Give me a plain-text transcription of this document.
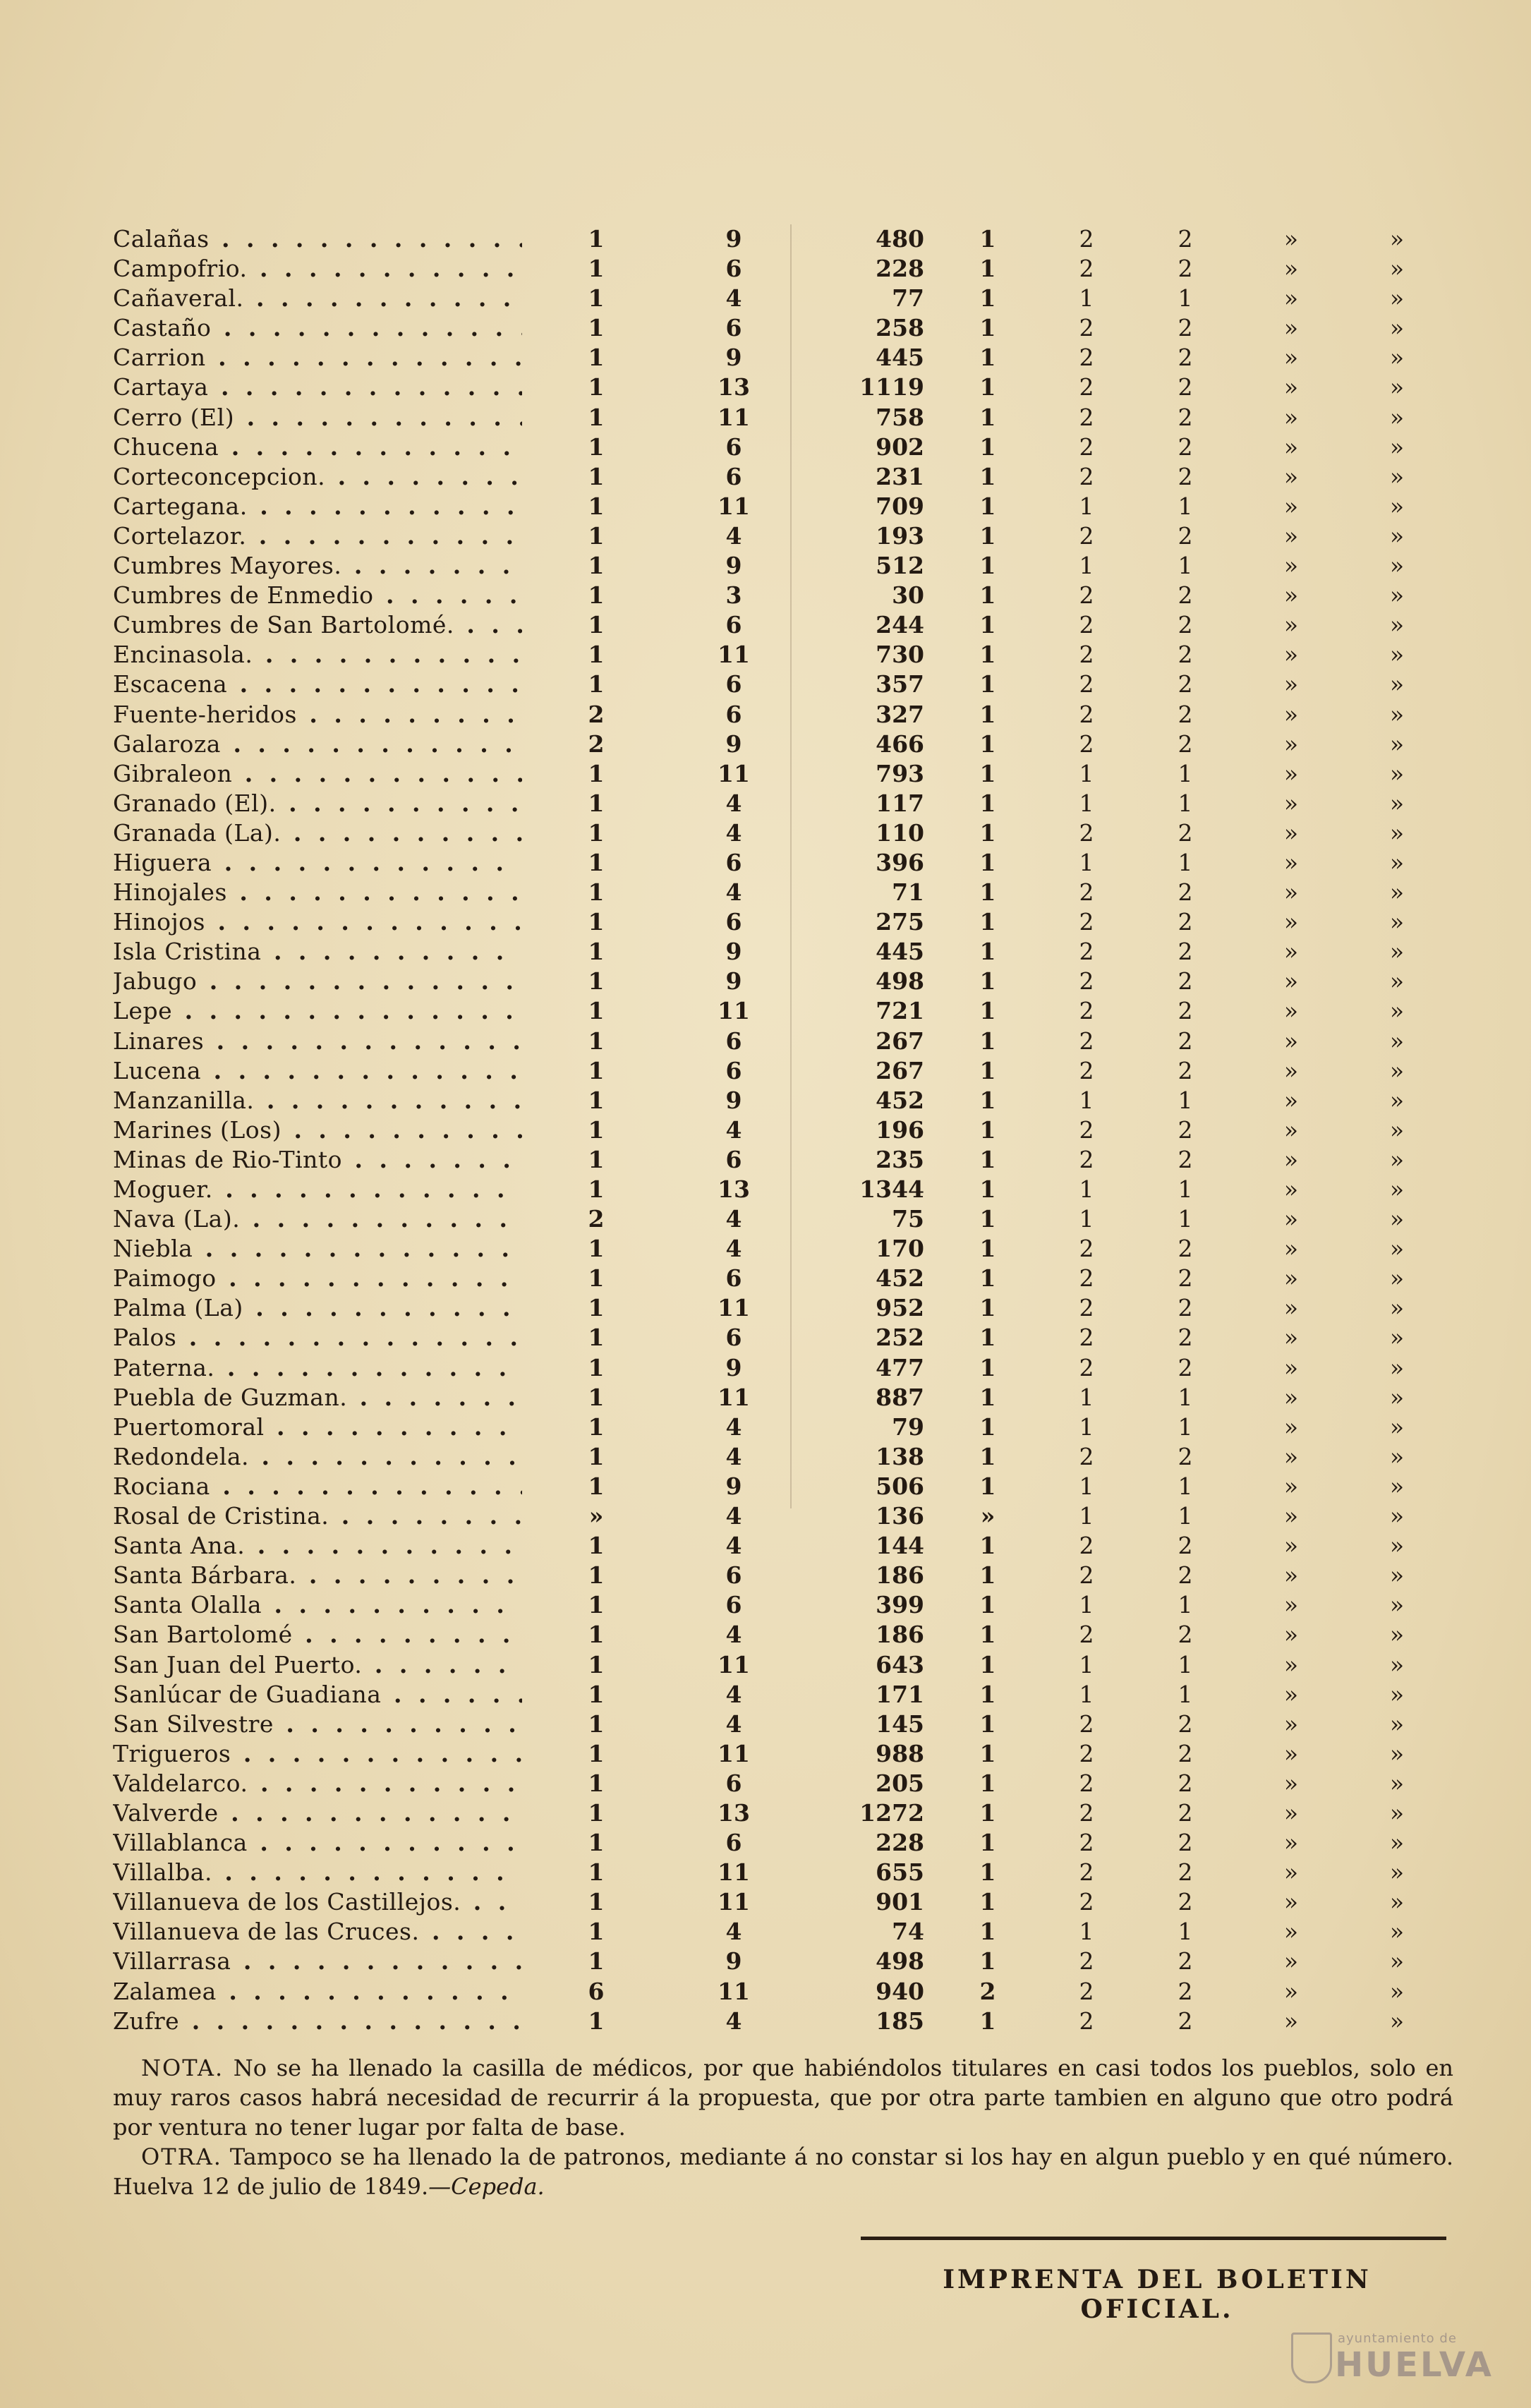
Calañas . . .	1	9	480	1	2	2	»	»
Campofrio. . . .	1	6	228	1	2	2	»	»
Cañaveral. . . .	1	4	77	1	1	1	»	»
Castaño . . .	1	6	258	1	2	2	»	»
Carrion . . .	1	9	445	1	2	2	»	»
Cartaya . . .	1	13	1119	1	2	2	»	»
Cerro (El) . . .	1	11	758	1	2	2	»	»
Chucena . . .	1	6	902	1	2	2	»	»
Corteconcepcion. . . .	1	6	231	1	2	2	»	»
Cartegana. . . .	1	11	709	1	1	1	»	»
Cortelazor. . . .	1	4	193	1	2	2	»	»
Cumbres Mayores. . . .	1	9	512	1	1	1	»	»
Cumbres de Enmedio . . .	1	3	30	1	2	2	»	»
Cumbres de San Bartolomé. . . .	1	6	244	1	2	2	»	»
Encinasola. . . .	1	11	730	1	2	2	»	»
Escacena . . .	1	6	357	1	2	2	»	»
Fuente-heridos . . .	2	6	327	1	2	2	»	»
Galaroza . . .	2	9	466	1	2	2	»	»
Gibraleon . . .	1	11	793	1	1	1	»	»
Granado (El). . . .	1	4	117	1	1	1	»	»
Granada (La). . . .	1	4	110	1	2	2	»	»
Higuera . . .	1	6	396	1	1	1	»	»
Hinojales . . .	1	4	71	1	2	2	»	»
Hinojos . . .	1	6	275	1	2	2	»	»
Isla Cristina . . .	1	9	445	1	2	2	»	»
Jabugo . . .	1	9	498	1	2	2	»	»
Lepe . . .	1	11	721	1	2	2	»	»
Linares . . .	1	6	267	1	2	2	»	»
Lucena . . .	1	6	267	1	2	2	»	»
Manzanilla. . . .	1	9	452	1	1	1	»	»
Marines (Los) . . .	1	4	196	1	2	2	»	»
Minas de Rio-Tinto . . .	1	6	235	1	2	2	»	»
Moguer. . . .	1	13	1344	1	1	1	»	»
Nava (La). . . .	2	4	75	1	1	1	»	»
Niebla . . .	1	4	170	1	2	2	»	»
Paimogo . . .	1	6	452	1	2	2	»	»
Palma (La) . . .	1	11	952	1	2	2	»	»
Palos . . .	1	6	252	1	2	2	»	»
Paterna. . . .	1	9	477	1	2	2	»	»
Puebla de Guzman. . . .	1	11	887	1	1	1	»	»
Puertomoral . . .	1	4	79	1	1	1	»	»
Redondela. . . .	1	4	138	1	2	2	»	»
Rociana . . .	1	9	506	1	1	1	»	»
Rosal de Cristina. . . .	»	4	136	»	1	1	»	»
Santa Ana. . . .	1	4	144	1	2	2	»	»
Santa Bárbara. . . .	1	6	186	1	2	2	»	»
Santa Olalla . . .	1	6	399	1	1	1	»	»
San Bartolomé . . .	1	4	186	1	2	2	»	»
San Juan del Puerto. . . .	1	11	643	1	1	1	»	»
Sanlúcar de Guadiana . . .	1	4	171	1	1	1	»	»
San Silvestre . . .	1	4	145	1	2	2	»	»
Trigueros . . .	1	11	988	1	2	2	»	»
Valdelarco. . . .	1	6	205	1	2	2	»	»
Valverde . . .	1	13	1272	1	2	2	»	»
Villablanca . . .	1	6	228	1	2	2	»	»
Villalba. . . .	1	11	655	1	2	2	»	»
Villanueva de los Castillejos. . . .	1	11	901	1	2	2	»	»
Villanueva de las Cruces. . . .	1	4	74	1	1	1	»	»
Villarrasa . . .	1	9	498	1	2	2	»	»
Zalamea . . .	6	11	940	2	2	2	»	»
Zufre . . .	1	4	185	1	2	2	»	»

NOTA. No se ha llenado la casilla de médicos, por que habiéndolos titulares en casi todos los pueblos, solo en muy raros casos habrá necesidad de recurrir á la propuesta, que por otra parte tambien en alguno que otro podrá por ventura no tener lugar por falta de base.

OTRA. Tampoco se ha llenado la de patronos, mediante á no constar si los hay en algun pueblo y en qué número. Huelva 12 de julio de 1849.—Cepeda.

IMPRENTA DEL BOLETIN OFICIAL.
ayuntamiento de
HUELVA
